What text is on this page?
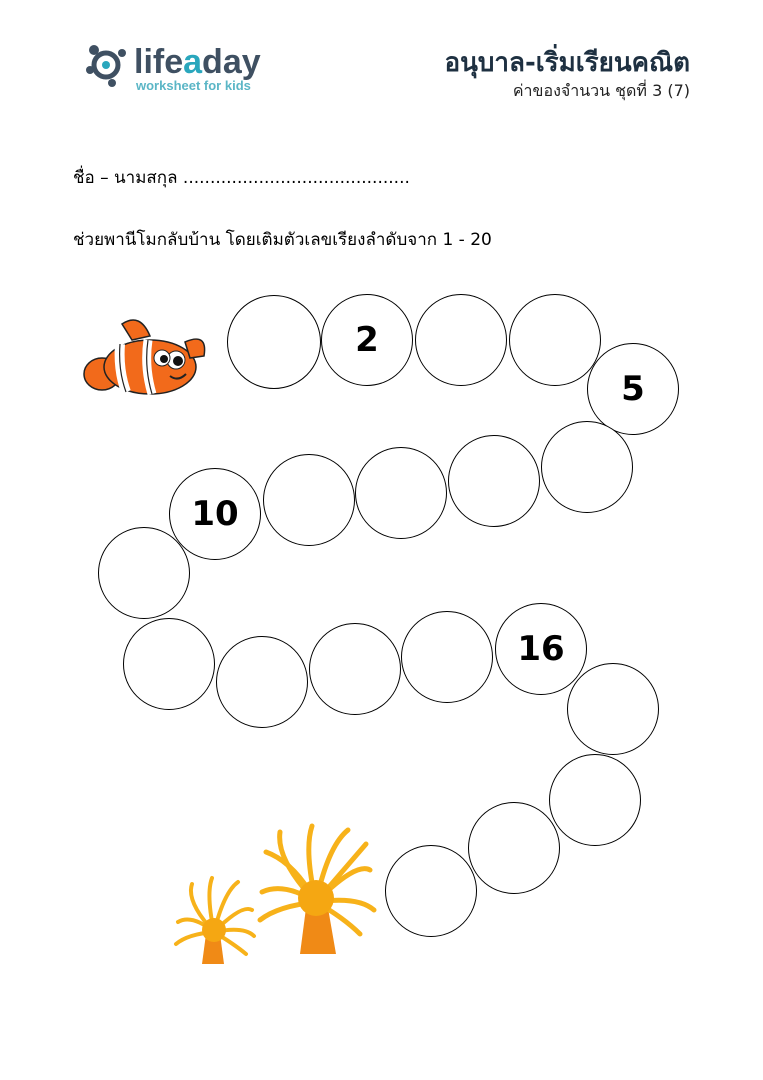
lifeaday
worksheet for kids
อนุบาล-เริ่มเรียนคณิต
ค่าของจำนวน ชุดที่ 3 (7)
ชื่อ – นามสกุล ..........................................
ช่วยพานีโมกลับบ้าน โดยเติมตัวเลขเรียงลำดับจาก 1 - 20
2
5
10
16
